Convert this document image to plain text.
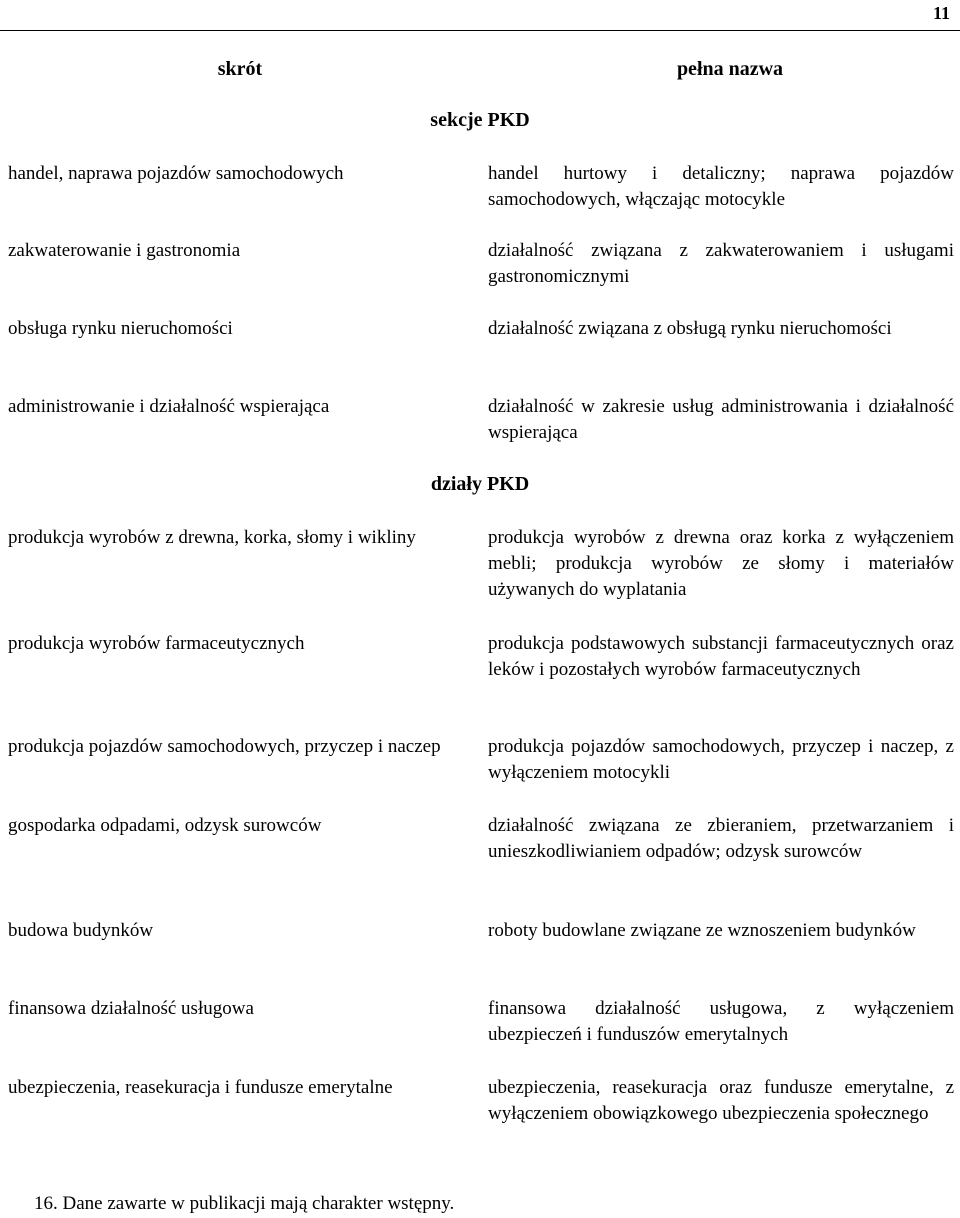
11
skrót	pełna nazwa
sekcje PKD
handel, naprawa pojazdów samochodowych	handel hurtowy i detaliczny; naprawa pojazdów samochodowych, włączając motocykle
zakwaterowanie i gastronomia	działalność związana z zakwaterowaniem i usługami gastronomicznymi
obsługa rynku nieruchomości	działalność związana z obsługą rynku nieruchomości
administrowanie i działalność wspierająca	działalność w zakresie usług administrowania i działalność wspierająca
działy PKD
produkcja wyrobów z drewna, korka, słomy i wikliny	produkcja wyrobów z drewna oraz korka z wyłączeniem mebli; produkcja wyrobów ze słomy i materiałów używanych do wyplatania
produkcja wyrobów farmaceutycznych	produkcja podstawowych substancji farmaceutycznych oraz leków i pozostałych wyrobów farmaceutycznych
produkcja pojazdów samochodowych, przyczep i naczep	produkcja pojazdów samochodowych, przyczep i naczep, z wyłączeniem motocykli
gospodarka odpadami, odzysk surowców	działalność związana ze zbieraniem, przetwarzaniem i unieszkodliwianiem odpadów; odzysk surowców
budowa budynków	roboty budowlane związane ze wznoszeniem budynków
finansowa działalność usługowa	finansowa działalność usługowa, z wyłączeniem ubezpieczeń i funduszów emerytalnych
ubezpieczenia, reasekuracja i fundusze emerytalne	ubezpieczenia, reasekuracja oraz fundusze emerytalne, z wyłączeniem obowiązkowego ubezpieczenia społecznego
16. Dane zawarte w publikacji mają charakter wstępny.
